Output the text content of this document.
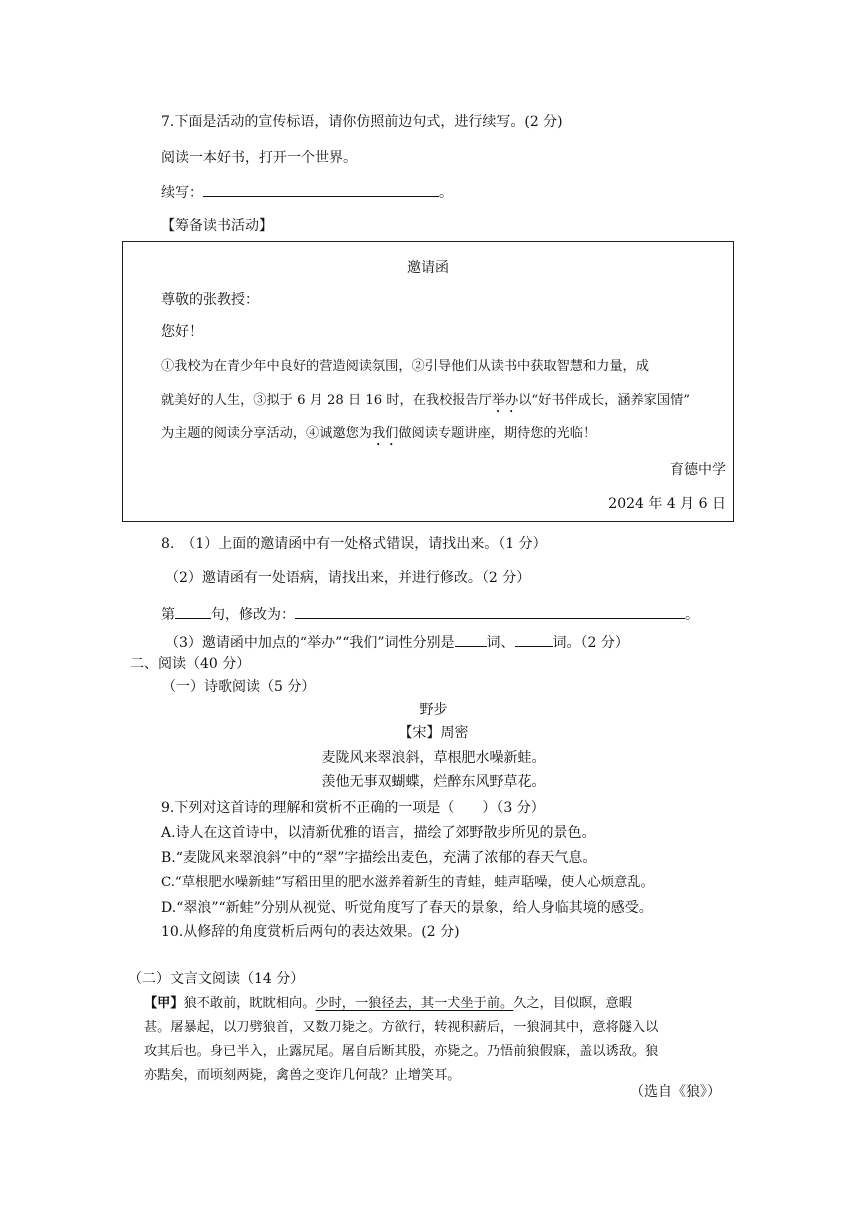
7.下面是活动的宣传标语，请你仿照前边句式，进行续写。(2 分)
阅读一本好书，打开一个世界。
续写：	。
【筹备读书活动】
邀请函
尊敬的张教授：
您好！
①我校为在青少年中良好的营造阅读氛围，②引导他们从读书中获取智慧和力量，成
就美好的人生，③拟于 6 月 28 日 16 时，在我校报告厅举办以“好书伴成长，涵养家国情”
为主题的阅读分享活动，④诚邀您为我们做阅读专题讲座，期待您的光临！
育德中学
2024 年 4 月 6 日
8.　（1）上面的邀请函中有一处格式错误，请找出来。（1 分）
（2）邀请函有一处语病，请找出来，并进行修改。（2 分）
第	句，修改为：	。
（3）邀请函中加点的“举办”“我们”词性分别是 词、	词。（2 分）
二、阅读（40 分）
（一）诗歌阅读（5 分）
野步
【宋】周密
麦陇风来翠浪斜，草根肥水噪新蛙。
羡他无事双蝴蝶，烂醉东风野草花。
9.下列对这首诗的理解和赏析不正确的一项是（　　）（3 分）
A.诗人在这首诗中，以清新优雅的语言，描绘了郊野散步所见的景色。
B.“麦陇风来翠浪斜”中的“翠”字描绘出麦色，充满了浓郁的春天气息。
C.“草根肥水噪新蛙”写稻田里的肥水滋养着新生的青蛙，蛙声聒噪，使人心烦意乱。
D.“翠浪”“新蛙”分别从视觉、听觉角度写了春天的景象，给人身临其境的感受。
10.从修辞的角度赏析后两句的表达效果。(2 分)
（二）文言文阅读（14 分）
【甲】狼不敢前，眈眈相向。少时，一狼径去，其一犬坐于前。久之，目似瞑，意暇
甚。屠暴起，以刀劈狼首，又数刀毙之。方欲行，转视积薪后，一狼洞其中，意将隧入以
攻其后也。身已半入，止露尻尾。屠自后断其股，亦毙之。乃悟前狼假寐，盖以诱敌。狼
亦黠矣，而顷刻两毙，禽兽之变诈几何哉？止增笑耳。
（选自《狼》）
